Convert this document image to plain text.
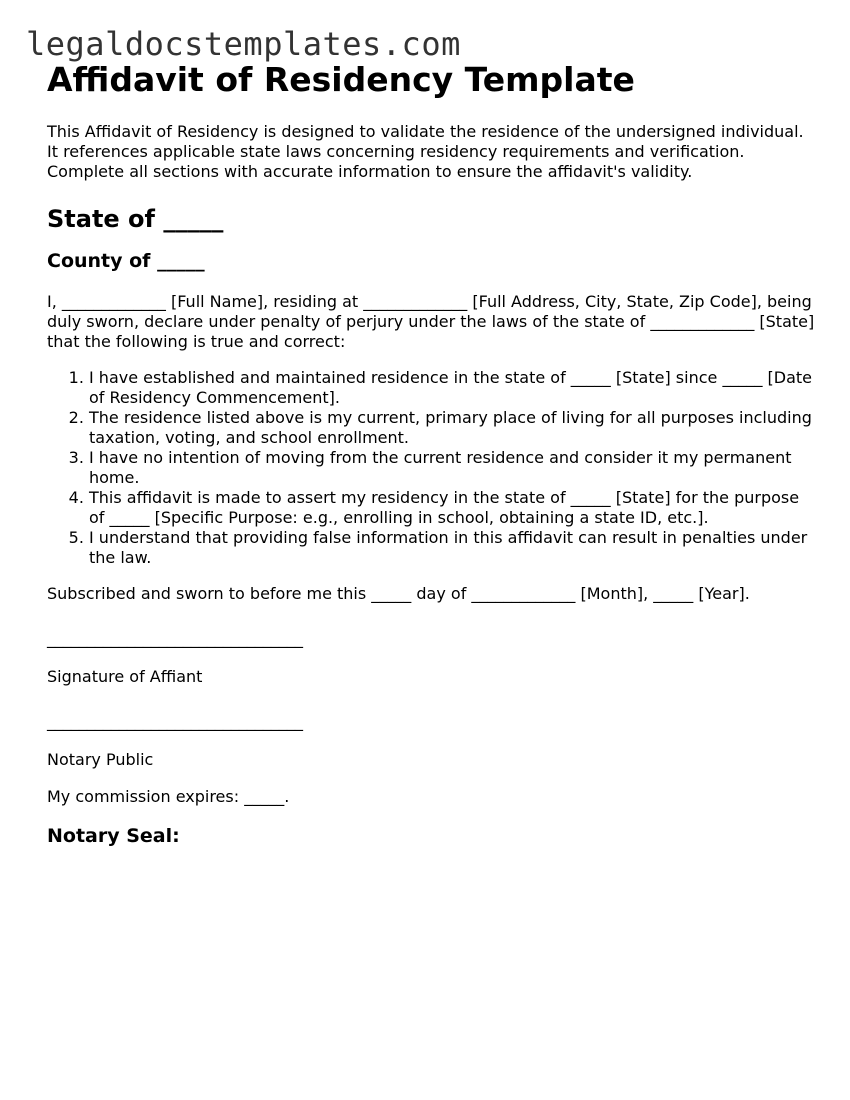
legaldocstemplates.com
Affidavit of Residency Template

This Affidavit of Residency is designed to validate the residence of the undersigned individual. It references applicable state laws concerning residency requirements and verification. Complete all sections with accurate information to ensure the affidavit's validity.

State of _____
County of _____

I, _____________ [Full Name], residing at _____________ [Full Address, City, State, Zip Code], being duly sworn, declare under penalty of perjury under the laws of the state of _____________ [State] that the following is true and correct:

1. I have established and maintained residence in the state of _____ [State] since _____ [Date of Residency Commencement].
2. The residence listed above is my current, primary place of living for all purposes including taxation, voting, and school enrollment.
3. I have no intention of moving from the current residence and consider it my permanent home.
4. This affidavit is made to assert my residency in the state of _____ [State] for the purpose of _____ [Specific Purpose: e.g., enrolling in school, obtaining a state ID, etc.].
5. I understand that providing false information in this affidavit can result in penalties under the law.

Subscribed and sworn to before me this _____ day of _____________ [Month], _____ [Year].

________________________________
Signature of Affiant
________________________________
Notary Public
My commission expires: _____.
Notary Seal:
